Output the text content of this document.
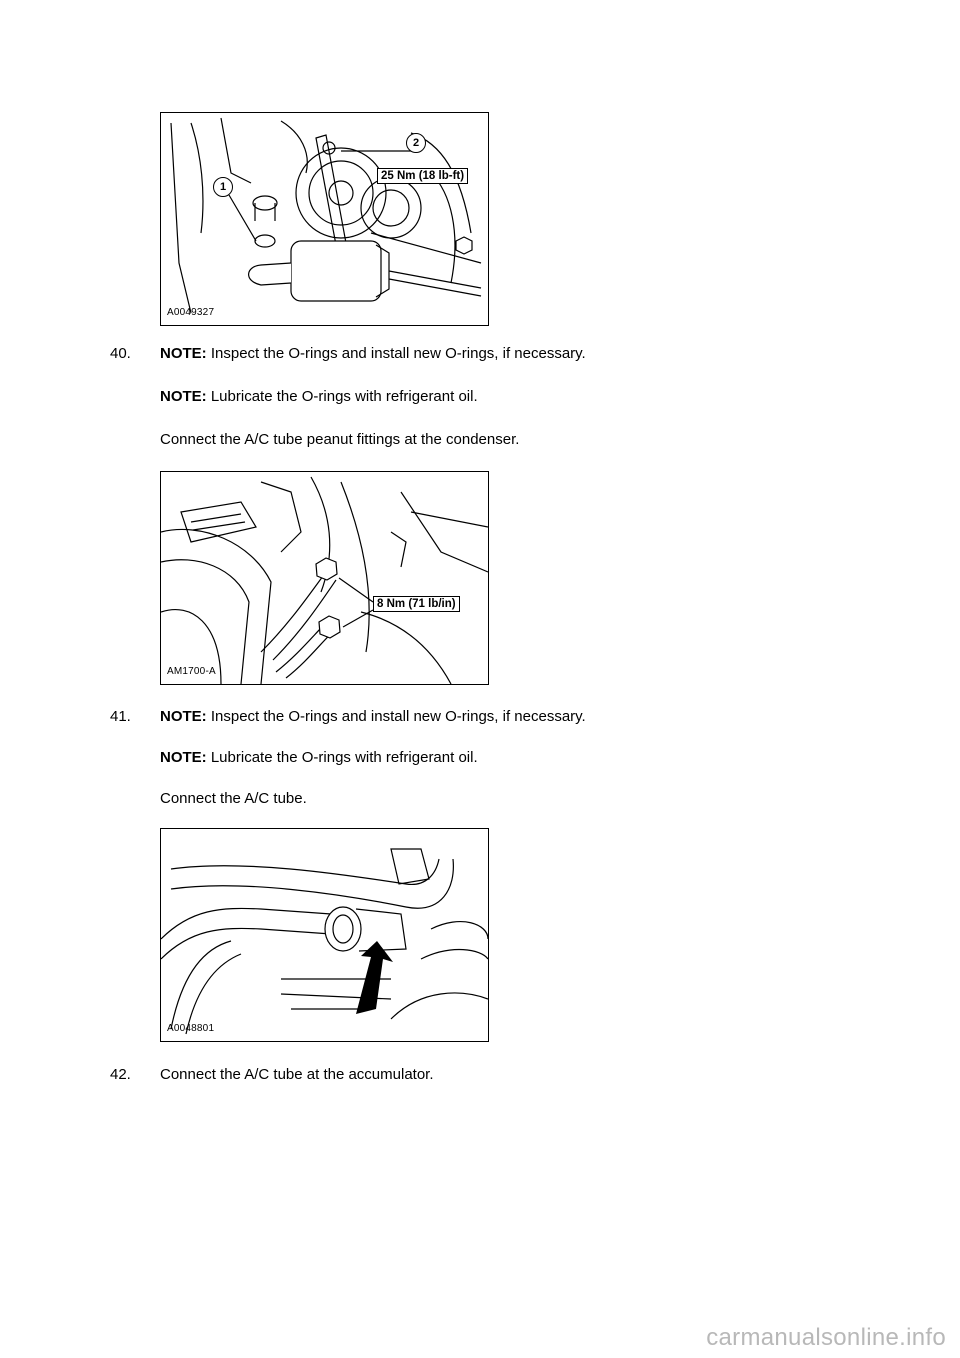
1
2
25 Nm (18 lb-ft)
A0049327
40.	NOTE: Inspect the O-rings and install new O-rings, if necessary.
NOTE: Lubricate the O-rings with refrigerant oil.
Connect the A/C tube peanut fittings at the condenser.
8 Nm (71 lb/in)
AM1700-A
41.	NOTE: Inspect the O-rings and install new O-rings, if necessary.
NOTE: Lubricate the O-rings with refrigerant oil.
Connect the A/C tube.
A0048801
42.	Connect the A/C tube at the accumulator.
carmanualsonline.info
